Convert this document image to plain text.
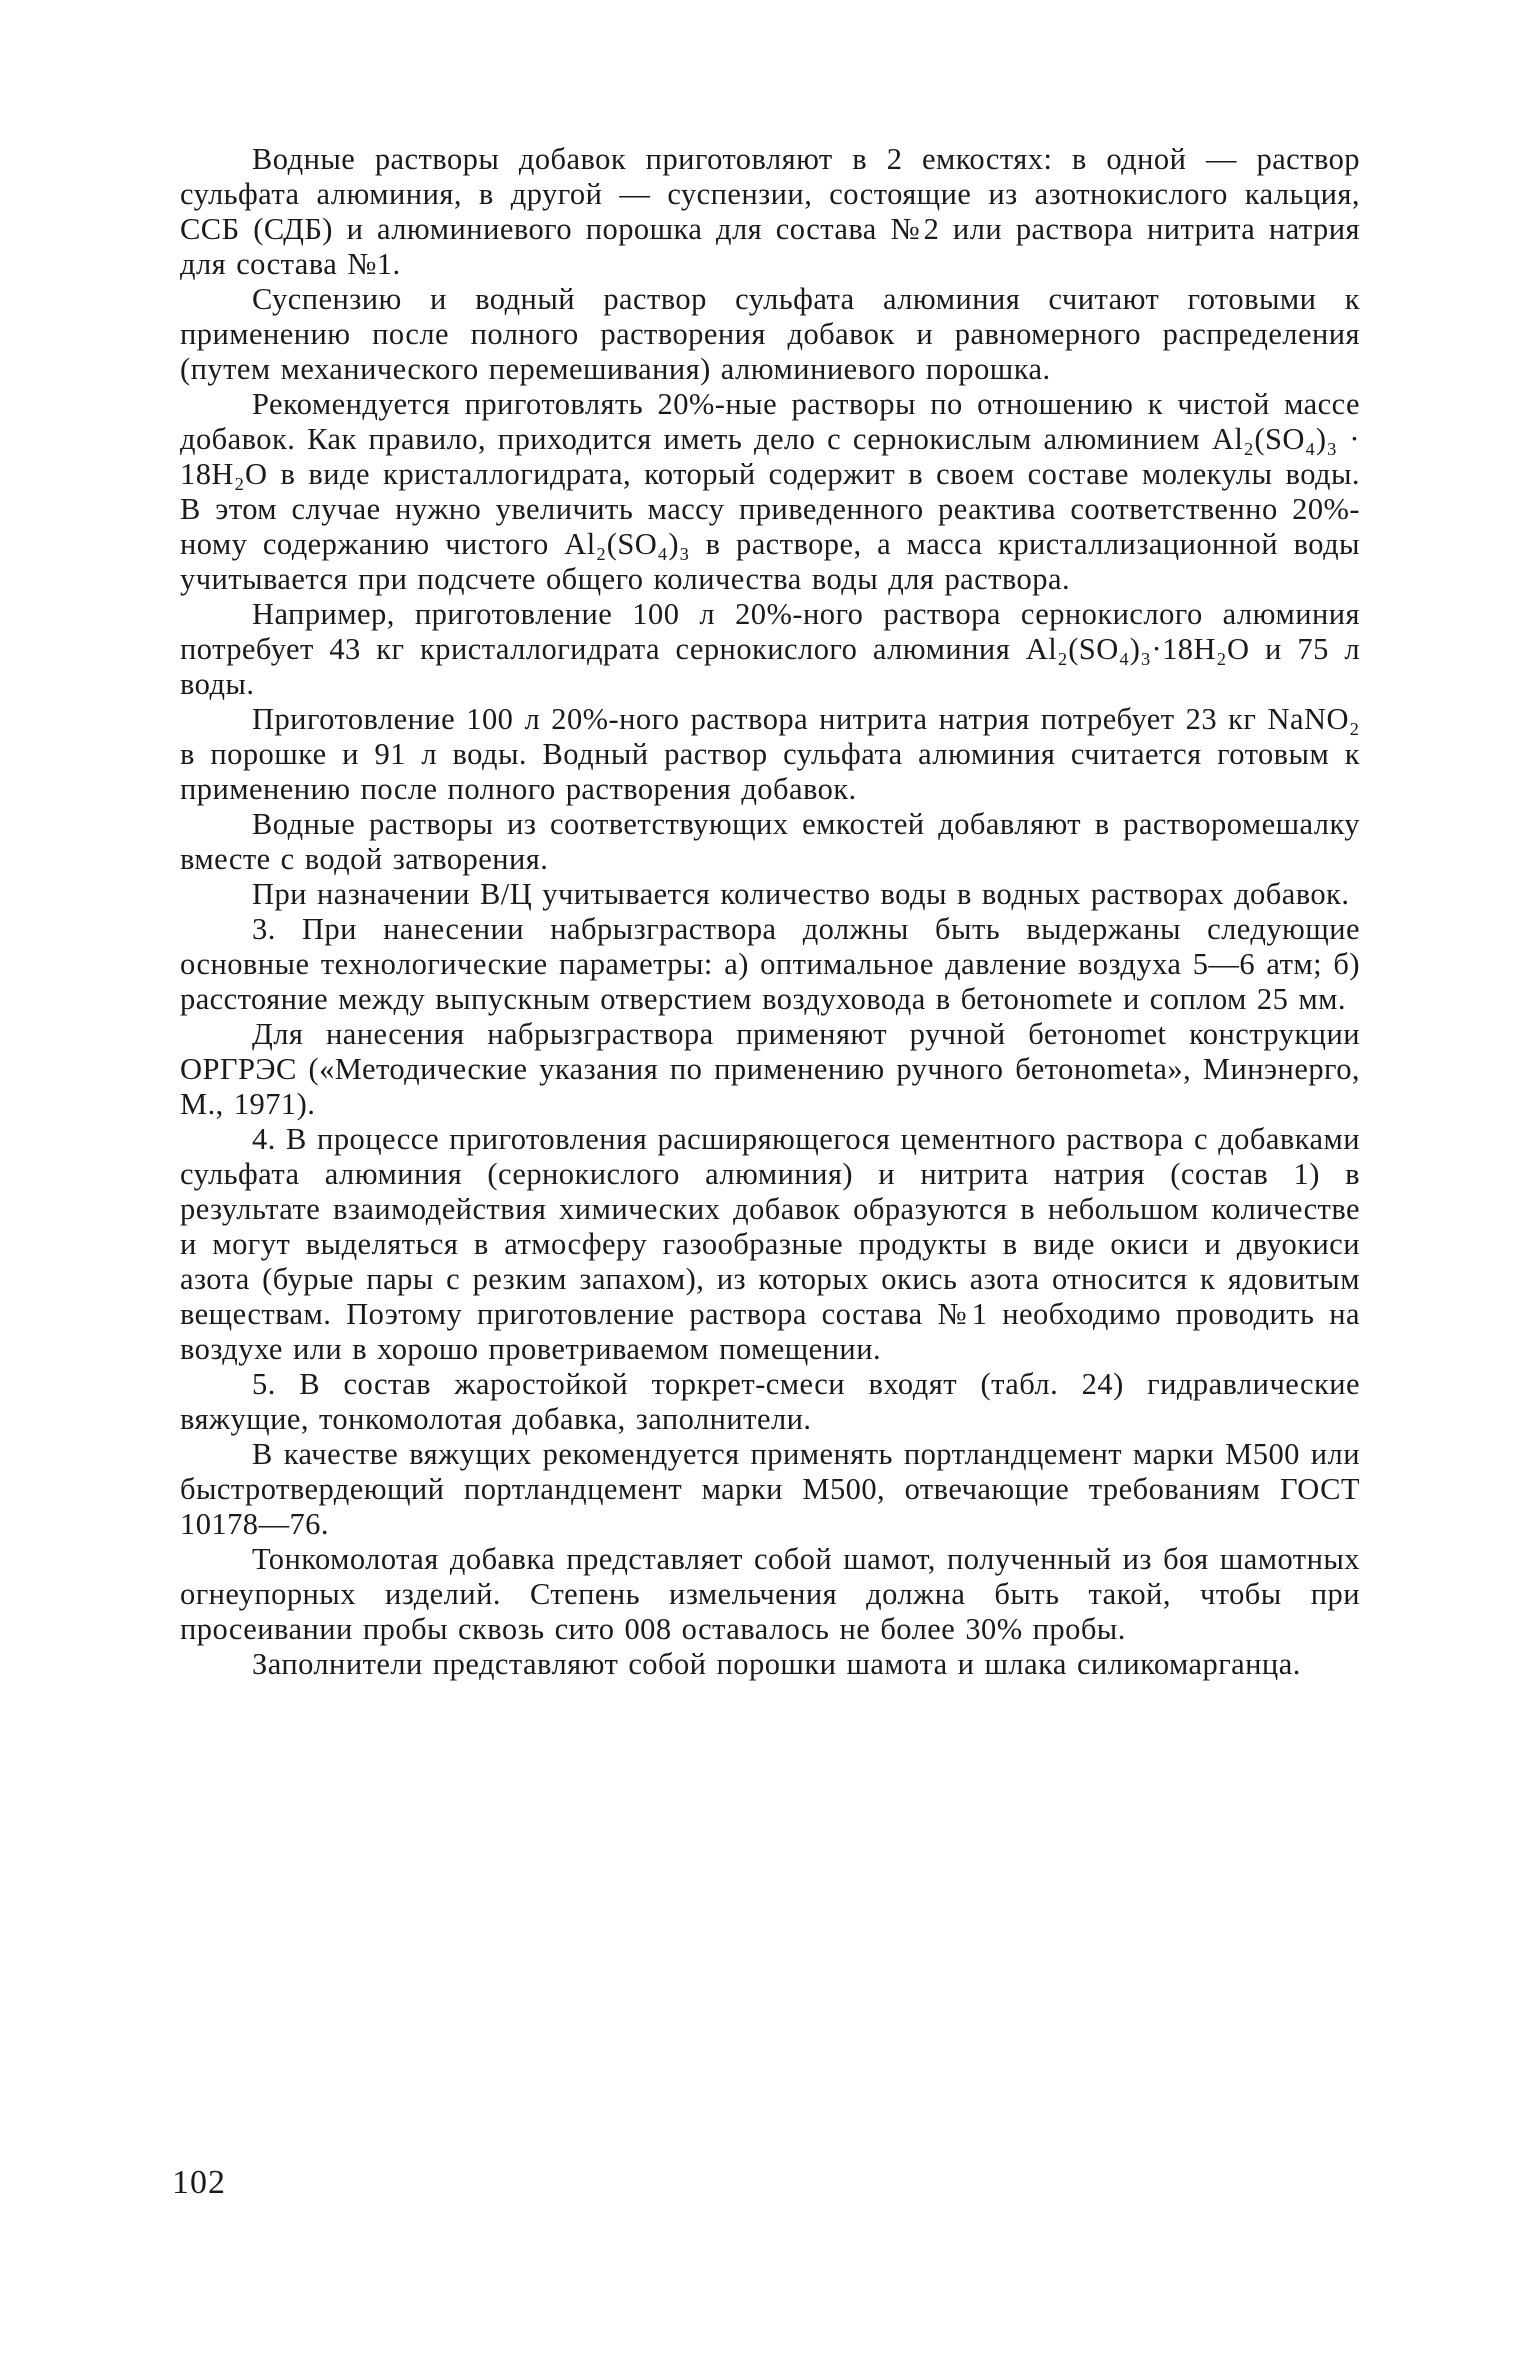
Водные растворы добавок приготовляют в 2 емкостях: в одной — раствор сульфата алюминия, в другой — суспензии, состоящие из азотнокислого кальция, ССБ (СДБ) и алюминиевого порошка для состава №2 или раствора нитрита натрия для состава №1.

Суспензию и водный раствор сульфата алюминия считают готовыми к применению после полного растворения добавок и равномерного распределения (путем механического перемешивания) алюминиевого порошка.

Рекомендуется приготовлять 20%-ные растворы по отношению к чистой массе добавок. Как правило, приходится иметь дело с сернокислым алюминием Al₂(SO₄)₃ · 18H₂O в виде кристаллогидрата, который содержит в своем составе молекулы воды. В этом случае нужно увеличить массу приведенного реактива соответственно 20%-ному содержанию чистого Al₂(SO₄)₃ в растворе, а масса кристаллизационной воды учитывается при подсчете общего количества воды для раствора.

Например, приготовление 100 л 20%-ного раствора сернокислого алюминия потребует 43 кг кристаллогидрата сернокислого алюминия Al₂(SO₄)₃·18H₂O и 75 л воды.

Приготовление 100 л 20%-ного раствора нитрита натрия потребует 23 кг NaNO₂ в порошке и 91 л воды. Водный раствор сульфата алюминия считается готовым к применению после полного растворения добавок.

Водные растворы из соответствующих емкостей добавляют в растворомешалку вместе с водой затворения.

При назначении В/Ц учитывается количество воды в водных растворах добавок.

3. При нанесении набрызграствора должны быть выдержаны следующие основные технологические параметры: а) оптимальное давление воздуха 5—6 атм; б) расстояние между выпускным отверстием воздуховода в бетонomete и соплом 25 мм.

Для нанесения набрызграствора применяют ручной бетонomet конструкции ОРГРЭС («Методические указания по применению ручного бетонometа», Минэнерго, М., 1971).

4. В процессе приготовления расширяющегося цементного раствора с добавками сульфата алюминия (сернокислого алюминия) и нитрита натрия (состав 1) в результате взаимодействия химических добавок образуются в небольшом количестве и могут выделяться в атмосферу газообразные продукты в виде окиси и двуокиси азота (бурые пары с резким запахом), из которых окись азота относится к ядовитым веществам. Поэтому приготовление раствора состава №1 необходимо проводить на воздухе или в хорошо проветриваемом помещении.

5. В состав жаростойкой торкрет-смеси входят (табл. 24) гидравлические вяжущие, тонкомолотая добавка, заполнители.

В качестве вяжущих рекомендуется применять портландцемент марки М500 или быстротвердеющий портландцемент марки М500, отвечающие требованиям ГОСТ 10178—76.

Тонкомолотая добавка представляет собой шамот, полученный из боя шамотных огнеупорных изделий. Степень измельчения должна быть такой, чтобы при просеивании пробы сквозь сито 008 оставалось не более 30% пробы.

Заполнители представляют собой порошки шамота и шлака силикомарганца.

102
